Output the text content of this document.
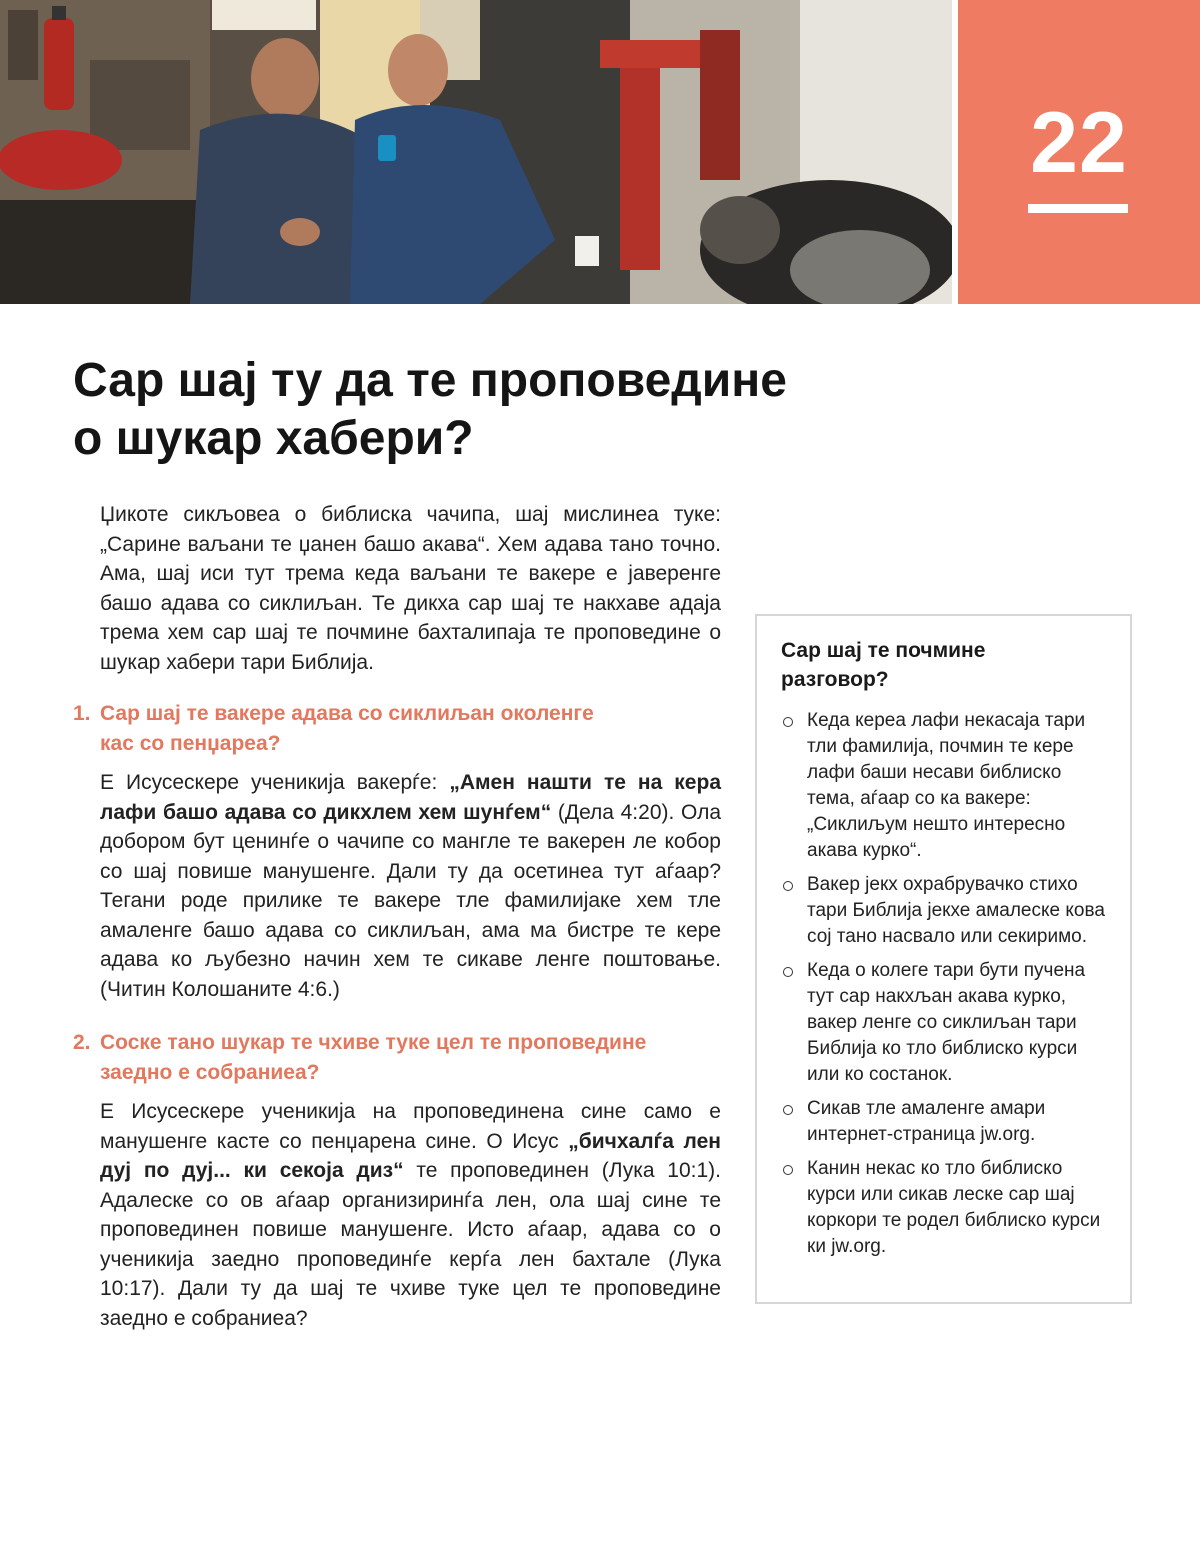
22
Сар шај ту да те проповедине
о шукар хабери?

Џикоте сикљовеа о библиска чачипа, шај мислинеа туке: „Сарине ваљани те џанен башо акава“. Хем адава тано точно. Ама, шај иси тут трема кеда ваљани те вакере е јаверенге башо адава со сиклиљан. Те дикха сар шај те накхаве адаја трема хем сар шај те почмине бахталипаја те проповедине о шукар хабери тари Библија.

1. Сар шај те вакере адава со сиклиљан околенге
кас со пенџареа?

Е Исусескере ученикија вакерѓе: „Амен нашти те на кера лафи башо адава со дикхлем хем шунѓем“ (Дела 4:20). Ола добором бут ценинѓе о чачипе со мангле те вакерен ле кобор со шај повише манушенге. Дали ту да осетинеа тут аѓаар? Тегани роде прилике те вакере тле фамилијаке хем тле амаленге башо адава со сиклиљан, ама ма бистре те кере адава ко љубезно начин хем те сикаве ленге поштовање. (Читин Колошаните 4:6.)

2. Соске тано шукар те чхиве туке цел те проповедине
заедно е собраниеа?

Е Исусескере ученикија на проповединена сине само е манушенге касте со пенџарена сине. О Исус „бичхалѓа лен дуј по дуј... ки секоја диз“ те проповединен (Лука 10:1). Адалеске со ов аѓаар организиринѓа лен, ола шај сине те проповединен повише манушенге. Исто аѓаар, адава со о ученикија заедно проповединѓе керѓа лен бахтале (Лука 10:17). Дали ту да шај те чхиве туке цел те проповедине заедно е собраниеа?

Сар шај те почмине разговор?
Кеда кереа лафи некасаја тари тли фамилија, почмин те кере лафи баши несави библиско тема, аѓаар со ка вакере: „Сиклиљум нешто интересно акава курко“.
Вакер јекх охрабрувачко стихо тари Библија јекхе амалеске кова сој тано насвало или секиримо.
Кеда о колеге тари бути пучена тут сар накхљан акава курко, вакер ленге со сиклиљан тари Библија ко тло библиско курси или ко состанок.
Сикав тле амаленге амари интернет-страница jw.org.
Канин некас ко тло библиско курси или сикав леске сар шај коркори те родел библиско курси ки jw.org.
